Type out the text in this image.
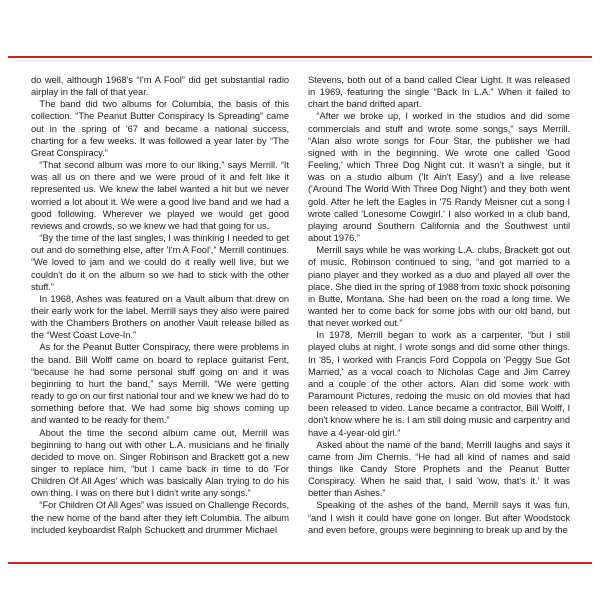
do well, although 1968's “I'm A Fool” did get substantial radio airplay in the fall of that year.

The band did two albums for Columbia, the basis of this collection. “The Peanut Butter Conspiracy Is Spreading” came out in the spring of '67 and became a national success, charting for a few weeks. It was followed a year later by “The Great Conspiracy.”

“That second album was more to our liking,” says Merrill. “It was all us on there and we were proud of it and felt like it represented us. We knew the label wanted a hit but we never worried a lot about it. We were a good live band and we had a good following. Wherever we played we would get good reviews and crowds, so we knew we had that going for us.

“By the time of the last singles, I was thinking I needed to get out and do something else, after 'I'm A Fool',” Merrill continues. “We loved to jam and we could do it really well live, but we couldn't do it on the album so we had to stick with the other stuff.”

In 1968, Ashes was featured on a Vault album that drew on their early work for the label. Merrill says they also were paired with the Chambers Brothers on another Vault release billed as the “West Coast Love-In.”

As for the Peanut Butter Conspiracy, there were problems in the band. Bill Wolff came on board to replace guitarist Fent, “because he had some personal stuff going on and it was beginning to hurt the band,” says Merrill. “We were getting ready to go on our first national tour and we knew we had do to something before that. We had some big shows coming up and wanted to be ready for them.”

About the time the second album came out, Merrill was beginning to hang out with other L.A. musicians and he finally decided to move on. Singer Robinson and Brackett got a new singer to replace him, “but I came back in time to do 'For Children Of All Ages' which was basically Alan trying to do his own thing. I was on there but I didn't write any songs.”

“For Children Of All Ages” was issued on Challenge Records, the new home of the band after they left Columbia. The album included keyboardist Ralph Schuckett and drummer Michael

Stevens, both out of a band called Clear Light. It was released in 1969, featuring the single “Back In L.A.” When it failed to chart the band drifted apart.

“After we broke up, I worked in the studios and did some commercials and stuff and wrote some songs,” says Merrill. “Alan also wrote songs for Four Star, the publisher we had signed with in the beginning. We wrote one called 'Good Feeling,' which Three Dog Night cut. It wasn't a single, but it was on a studio album ('It Ain't Easy') and a live release ('Around The World With Three Dog Night') and they both went gold. After he left the Eagles in '75 Randy Meisner cut a song I wrote called 'Lonesome Cowgirl.' I also worked in a club band, playing around Southern California and the Southwest until about 1976.”

Merrill says while he was working L.A. clubs, Brackett got out of music. Robinson continued to sing, “and got married to a piano player and they worked as a duo and played all over the place. She died in the spring of 1988 from toxic shock poisoning in Butte, Montana. She had been on the road a long time. We wanted her to come back for some jobs with our old band, but that never worked out.”

In 1978, Merrill began to work as a carpenter, “but I still played clubs at night. I wrote songs and did some other things. In '85, I worked with Francis Ford Coppola on 'Peggy Sue Got Married,' as a vocal coach to Nicholas Cage and Jim Carrey and a couple of the other actors. Alan did some work with Paramount Pictures, redoing the music on old movies that had been released to video. Lance became a contractor, Bill Wolff, I don't know where he is. I am still doing music and carpentry and have a 4-year-old girl.”

Asked about the name of the band, Merrill laughs and says it came from Jim Chernis. “He had all kind of names and said things like Candy Store Prophets and the Peanut Butter Conspiracy. When he said that, I said 'wow, that's it.' It was better than Ashes.”

Speaking of the ashes of the band, Merrill says it was fun, “and I wish it could have gone on longer. But after Woodstock and even before, groups were beginning to break up and by the
